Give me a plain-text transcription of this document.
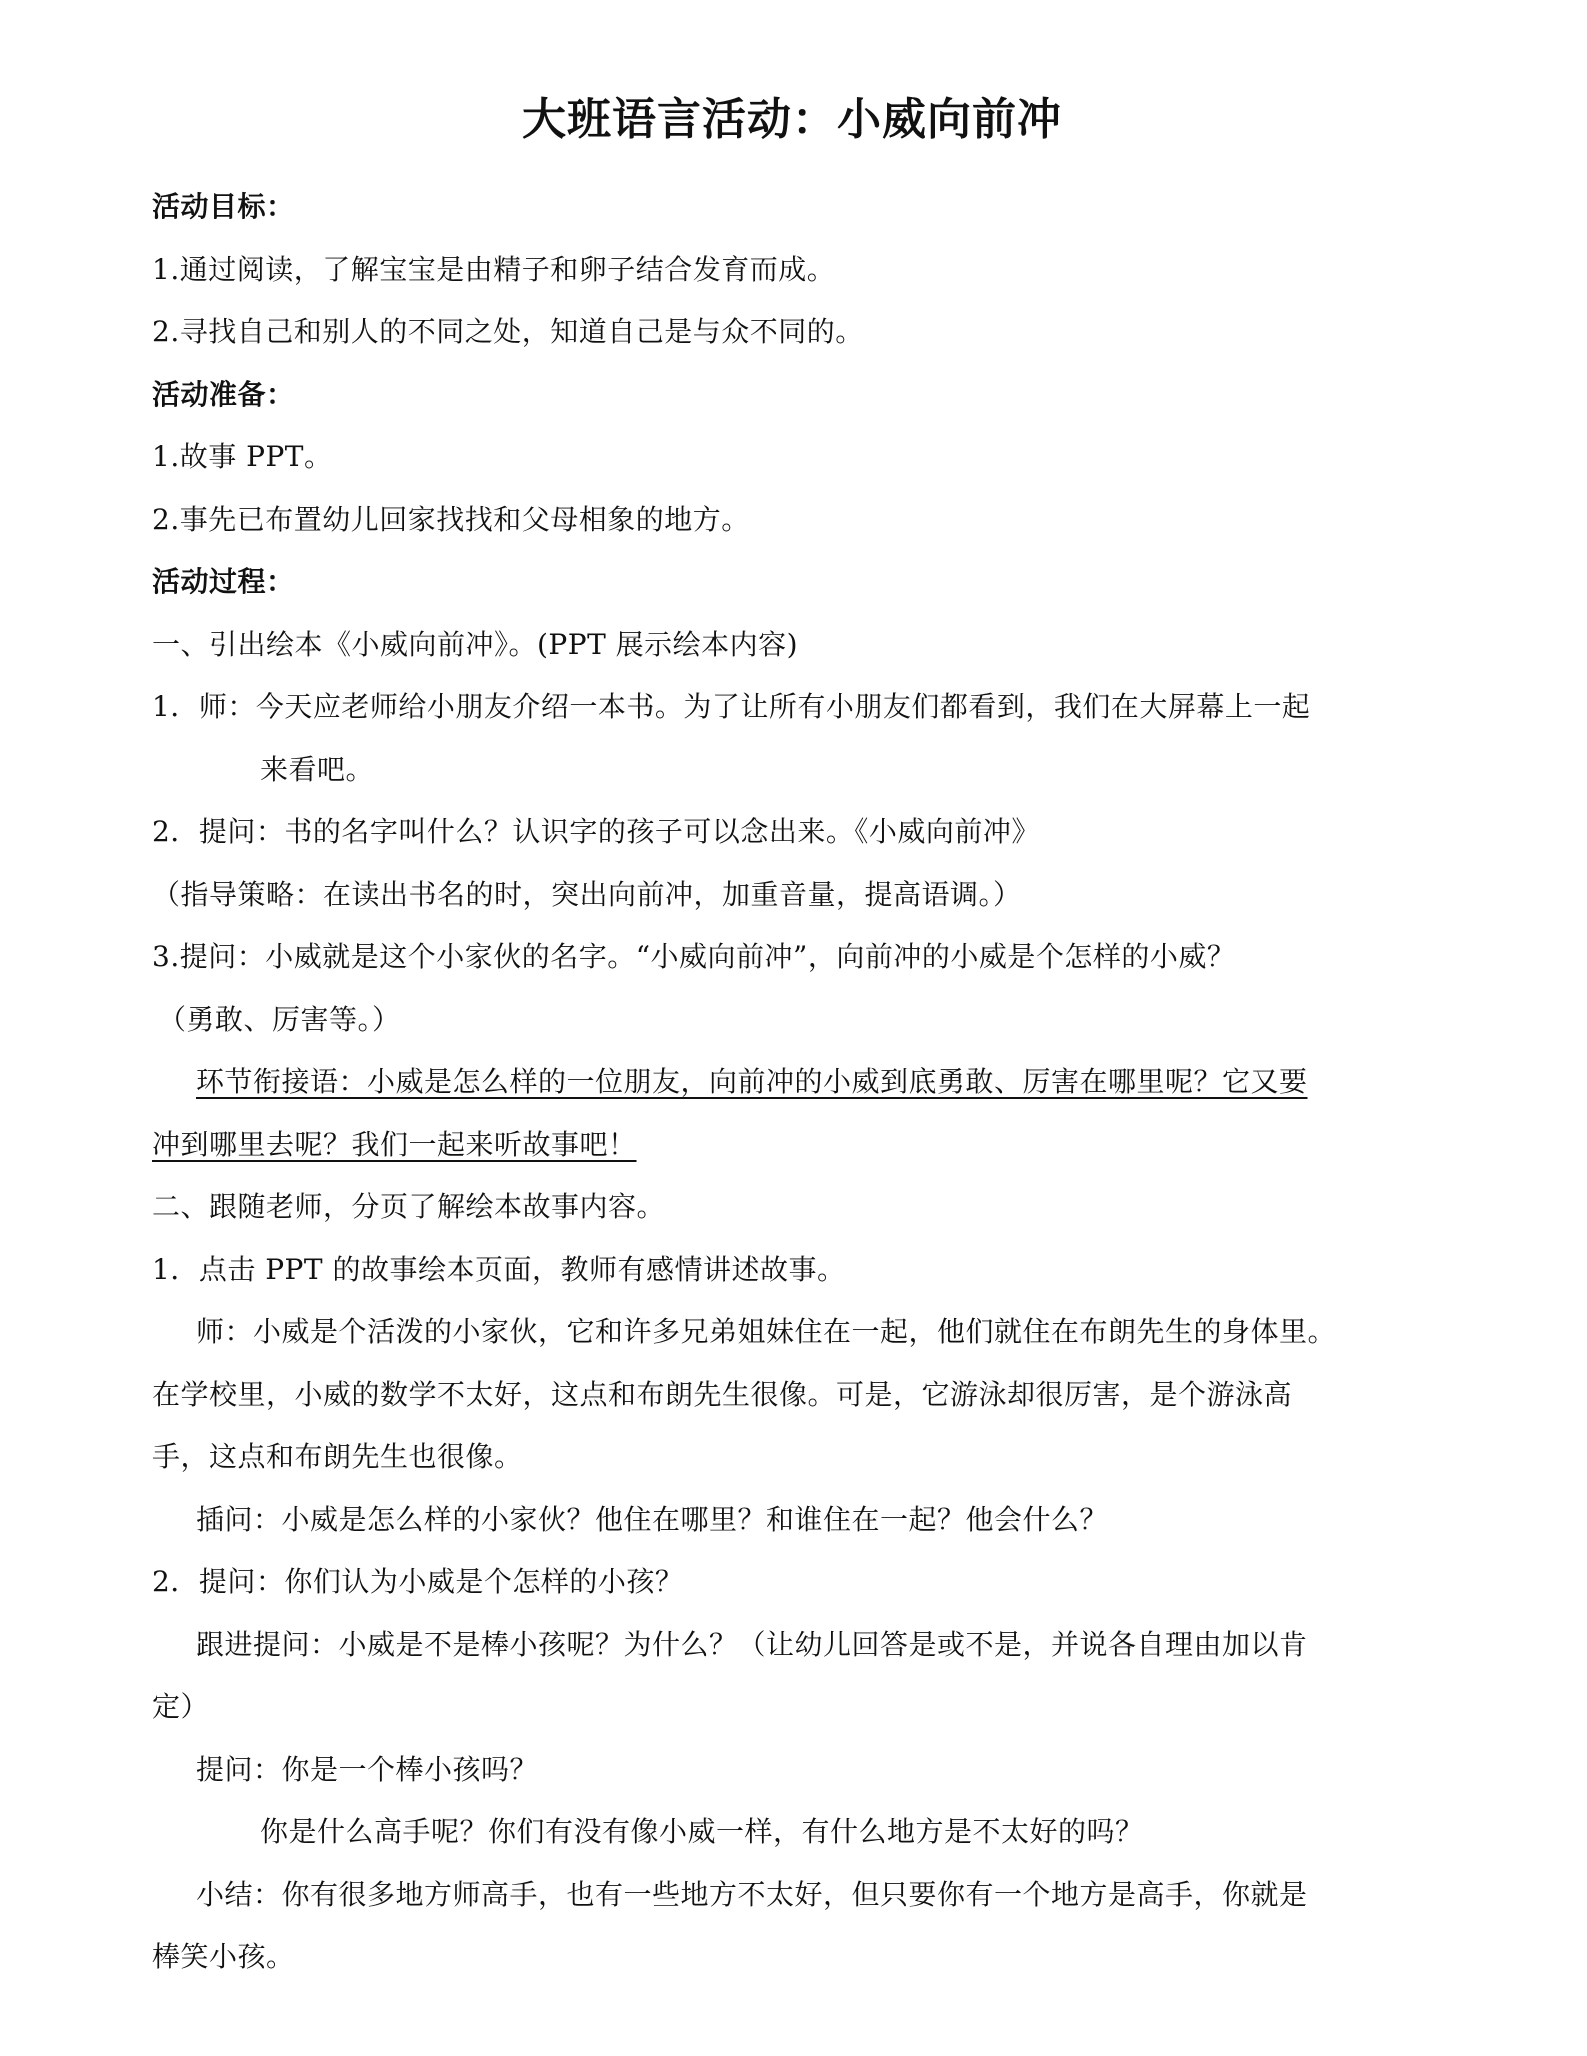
大班语言活动：小威向前冲
活动目标：
1.通过阅读，了解宝宝是由精子和卵子结合发育而成。
2.寻找自己和别人的不同之处，知道自己是与众不同的。
活动准备：
1.故事 PPT。
2.事先已布置幼儿回家找找和父母相象的地方。
活动过程：
一、引出绘本《小威向前冲》。(PPT 展示绘本内容)
1．师：今天应老师给小朋友介绍一本书。为了让所有小朋友们都看到，我们在大屏幕上一起
来看吧。
2．提问：书的名字叫什么？认识字的孩子可以念出来。《小威向前冲》
（指导策略：在读出书名的时，突出向前冲，加重音量，提高语调。）
3.提问：小威就是这个小家伙的名字。“小威向前冲”，向前冲的小威是个怎样的小威？
（勇敢、厉害等。）
环节衔接语：小威是怎么样的一位朋友，向前冲的小威到底勇敢、厉害在哪里呢？它又要
冲到哪里去呢？我们一起来听故事吧！
二、跟随老师，分页了解绘本故事内容。
1．点击 PPT 的故事绘本页面，教师有感情讲述故事。
师：小威是个活泼的小家伙，它和许多兄弟姐妹住在一起，他们就住在布朗先生的身体里。
在学校里，小威的数学不太好，这点和布朗先生很像。可是，它游泳却很厉害，是个游泳高
手，这点和布朗先生也很像。
插问：小威是怎么样的小家伙？他住在哪里？和谁住在一起？他会什么？
2．提问：你们认为小威是个怎样的小孩？
跟进提问：小威是不是棒小孩呢？为什么？（让幼儿回答是或不是，并说各自理由加以肯
定）
提问：你是一个棒小孩吗？
你是什么高手呢？你们有没有像小威一样，有什么地方是不太好的吗？
小结：你有很多地方师高手，也有一些地方不太好，但只要你有一个地方是高手，你就是
棒笑小孩。
